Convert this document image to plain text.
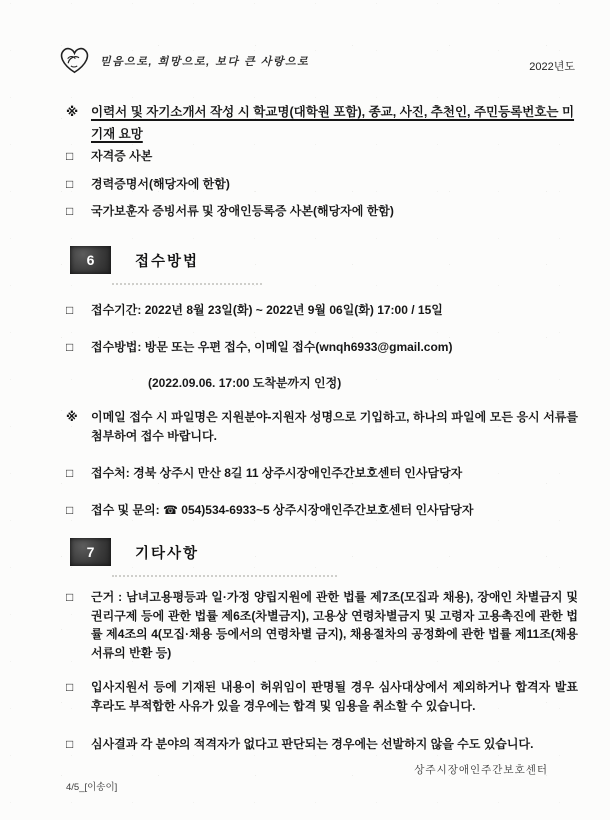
믿음으로, 희망으로, 보다 큰 사랑으로	2022년도
※	이력서 및 자기소개서 작성 시 학교명(대학원 포함), 종교, 사진, 추천인, 주민등록번호는 미기재 요망
□	자격증 사본
□	경력증명서(해당자에 한함)
□	국가보훈자 증빙서류 및 장애인등록증 사본(해당자에 한함)
6	접수방법
□	접수기간: 2022년 8월 23일(화) ~ 2022년 9월 06일(화) 17:00 / 15일
□	접수방법: 방문 또는 우편 접수, 이메일 접수(wnqh6933@gmail.com)
(2022.09.06. 17:00 도착분까지 인정)
※	이메일 접수 시 파일명은 지원분야-지원자 성명으로 기입하고, 하나의 파일에 모든 응시 서류를 첨부하여 접수 바랍니다.
□	접수처: 경북 상주시 만산 8길 11 상주시장애인주간보호센터 인사담당자
□	접수 및 문의: ☎ 054)534-6933~5 상주시장애인주간보호센터 인사담당자
7	기타사항
□	근거 : 남녀고용평등과 일·가정 양립지원에 관한 법률 제7조(모집과 채용), 장애인 차별금지 및 권리구제 등에 관한 법률 제6조(차별금지), 고용상 연령차별금지 및 고령자 고용촉진에 관한 법률 제4조의 4(모집·채용 등에서의 연령차별 금지), 채용절차의 공정화에 관한 법률 제11조(채용서류의 반환 등)
□	입사지원서 등에 기재된 내용이 허위임이 판명될 경우 심사대상에서 제외하거나 합격자 발표 후라도 부적합한 사유가 있을 경우에는 합격 및 임용을 취소할 수 있습니다.
□	심사결과 각 분야의 적격자가 없다고 판단되는 경우에는 선발하지 않을 수도 있습니다.
상주시장애인주간보호센터
4/5_[이송이]
